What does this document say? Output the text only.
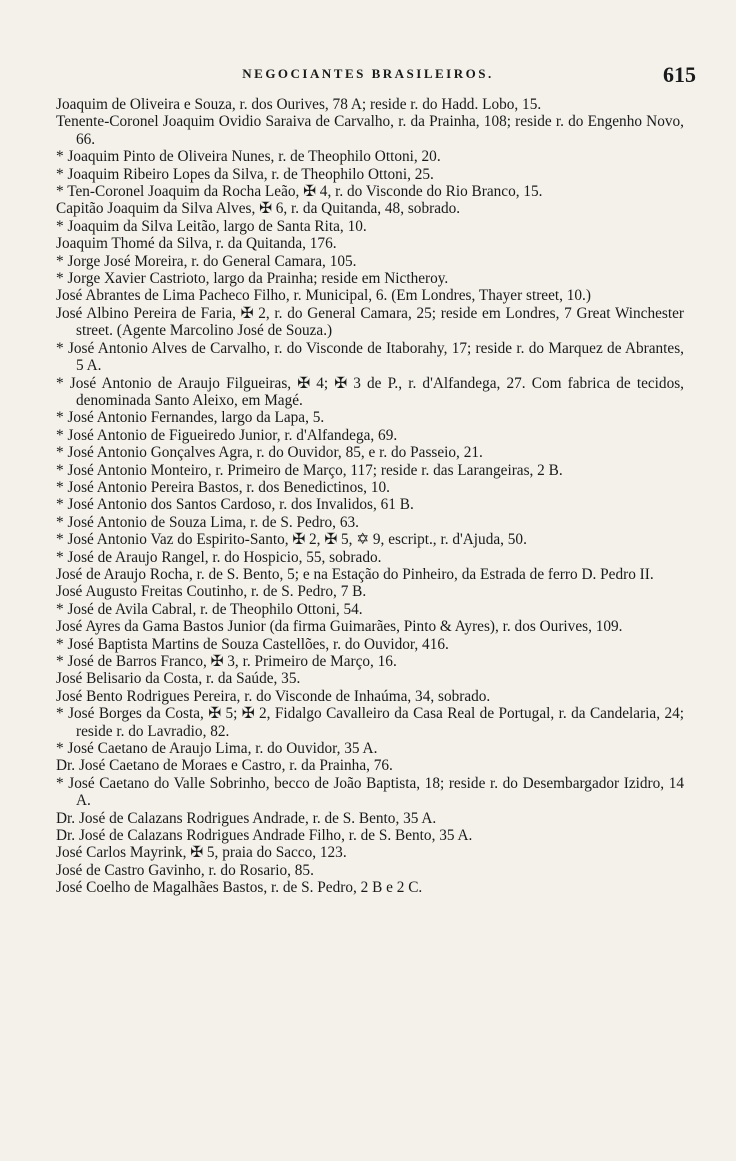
NEGOCIANTES BRASILEIROS.	615

Joaquim de Oliveira e Souza, r. dos Ourives, 78 A; reside r. do Hadd. Lobo, 15.

Tenente-Coronel Joaquim Ovidio Saraiva de Carvalho, r. da Prainha, 108; reside r. do Engenho Novo, 66.

* Joaquim Pinto de Oliveira Nunes, r. de Theophilo Ottoni, 20.

* Joaquim Ribeiro Lopes da Silva, r. de Theophilo Ottoni, 25.

* Ten-Coronel Joaquim da Rocha Leão, ✠ 4, r. do Visconde do Rio Branco, 15.

Capitão Joaquim da Silva Alves, ✠ 6, r. da Quitanda, 48, sobrado.

* Joaquim da Silva Leitão, largo de Santa Rita, 10.

Joaquim Thomé da Silva, r. da Quitanda, 176.

* Jorge José Moreira, r. do General Camara, 105.

* Jorge Xavier Castrioto, largo da Prainha; reside em Nictheroy.

José Abrantes de Lima Pacheco Filho, r. Municipal, 6. (Em Londres, Thayer street, 10.)

José Albino Pereira de Faria, ✠ 2, r. do General Camara, 25; reside em Londres, 7 Great Winchester street. (Agente Marcolino José de Souza.)

* José Antonio Alves de Carvalho, r. do Visconde de Itaborahy, 17; reside r. do Marquez de Abrantes, 5 A.

* José Antonio de Araujo Filgueiras, ✠ 4; ✠ 3 de P., r. d'Alfandega, 27. Com fabrica de tecidos, denominada Santo Aleixo, em Magé.

* José Antonio Fernandes, largo da Lapa, 5.

* José Antonio de Figueiredo Junior, r. d'Alfandega, 69.

* José Antonio Gonçalves Agra, r. do Ouvidor, 85, e r. do Passeio, 21.

* José Antonio Monteiro, r. Primeiro de Março, 117; reside r. das Larangeiras, 2 B.

* José Antonio Pereira Bastos, r. dos Benedictinos, 10.

* José Antonio dos Santos Cardoso, r. dos Invalidos, 61 B.

* José Antonio de Souza Lima, r. de S. Pedro, 63.

* José Antonio Vaz do Espirito-Santo, ✠ 2, ✠ 5, ✡ 9, escript., r. d'Ajuda, 50.

* José de Araujo Rangel, r. do Hospicio, 55, sobrado.

José de Araujo Rocha, r. de S. Bento, 5; e na Estação do Pinheiro, da Estrada de ferro D. Pedro II.

José Augusto Freitas Coutinho, r. de S. Pedro, 7 B.

* José de Avila Cabral, r. de Theophilo Ottoni, 54.

José Ayres da Gama Bastos Junior (da firma Guimarães, Pinto & Ayres), r. dos Ourives, 109.

* José Baptista Martins de Souza Castellões, r. do Ouvidor, 416.

* José de Barros Franco, ✠ 3, r. Primeiro de Março, 16.

José Belisario da Costa, r. da Saúde, 35.

José Bento Rodrigues Pereira, r. do Visconde de Inhaúma, 34, sobrado.

* José Borges da Costa, ✠ 5; ✠ 2, Fidalgo Cavalleiro da Casa Real de Portugal, r. da Candelaria, 24; reside r. do Lavradio, 82.

* José Caetano de Araujo Lima, r. do Ouvidor, 35 A.

Dr. José Caetano de Moraes e Castro, r. da Prainha, 76.

* José Caetano do Valle Sobrinho, becco de João Baptista, 18; reside r. do Desembargador Izidro, 14 A.

Dr. José de Calazans Rodrigues Andrade, r. de S. Bento, 35 A.

Dr. José de Calazans Rodrigues Andrade Filho, r. de S. Bento, 35 A.

José Carlos Mayrink, ✠ 5, praia do Sacco, 123.

José de Castro Gavinho, r. do Rosario, 85.

José Coelho de Magalhães Bastos, r. de S. Pedro, 2 B e 2 C.
